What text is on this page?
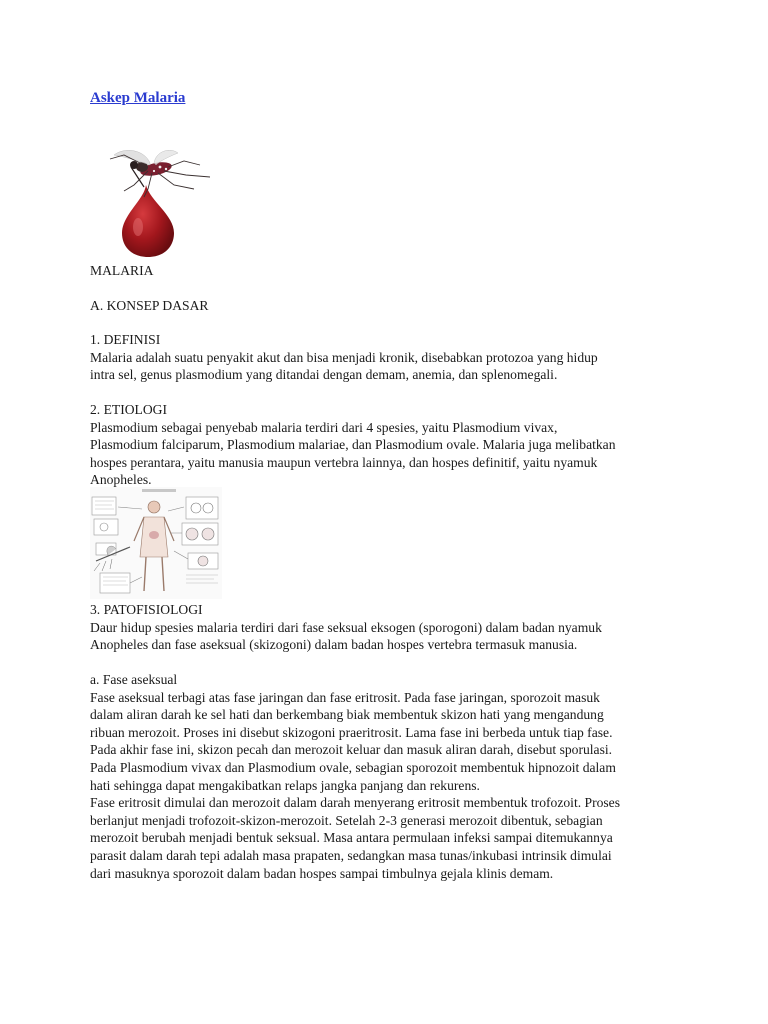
Askep Malaria

MALARIA

A. KONSEP DASAR

1. DEFINISI
Malaria adalah suatu penyakit akut dan bisa menjadi kronik, disebabkan protozoa yang hidup
intra sel, genus plasmodium yang ditandai dengan demam, anemia, dan splenomegali.

2. ETIOLOGI
Plasmodium sebagai penyebab malaria terdiri dari 4 spesies, yaitu Plasmodium vivax,
Plasmodium falciparum, Plasmodium malariae, dan Plasmodium ovale. Malaria juga melibatkan
hospes perantara, yaitu manusia maupun vertebra lainnya, dan hospes definitif, yaitu nyamuk
Anopheles.

3. PATOFISIOLOGI
Daur hidup spesies malaria terdiri dari fase seksual eksogen (sporogoni) dalam badan nyamuk
Anopheles dan fase aseksual (skizogoni) dalam badan hospes vertebra termasuk manusia.

a. Fase aseksual
Fase aseksual terbagi atas fase jaringan dan fase eritrosit. Pada fase jaringan, sporozoit masuk
dalam aliran darah ke sel hati dan berkembang biak membentuk skizon hati yang mengandung
ribuan merozoit. Proses ini disebut skizogoni praeritrosit. Lama fase ini berbeda untuk tiap fase.
Pada akhir fase ini, skizon pecah dan merozoit keluar dan masuk aliran darah, disebut sporulasi.
Pada Plasmodium vivax dan Plasmodium ovale, sebagian sporozoit membentuk hipnozoit dalam
hati sehingga dapat mengakibatkan relaps jangka panjang dan rekurens.
Fase eritrosit dimulai dan merozoit dalam darah menyerang eritrosit membentuk trofozoit. Proses
berlanjut menjadi trofozoit-skizon-merozoit. Setelah 2-3 generasi merozoit dibentuk, sebagian
merozoit berubah menjadi bentuk seksual. Masa antara permulaan infeksi sampai ditemukannya
parasit dalam darah tepi adalah masa prapaten, sedangkan masa tunas/inkubasi intrinsik dimulai
dari masuknya sporozoit dalam badan hospes sampai timbulnya gejala klinis demam.
